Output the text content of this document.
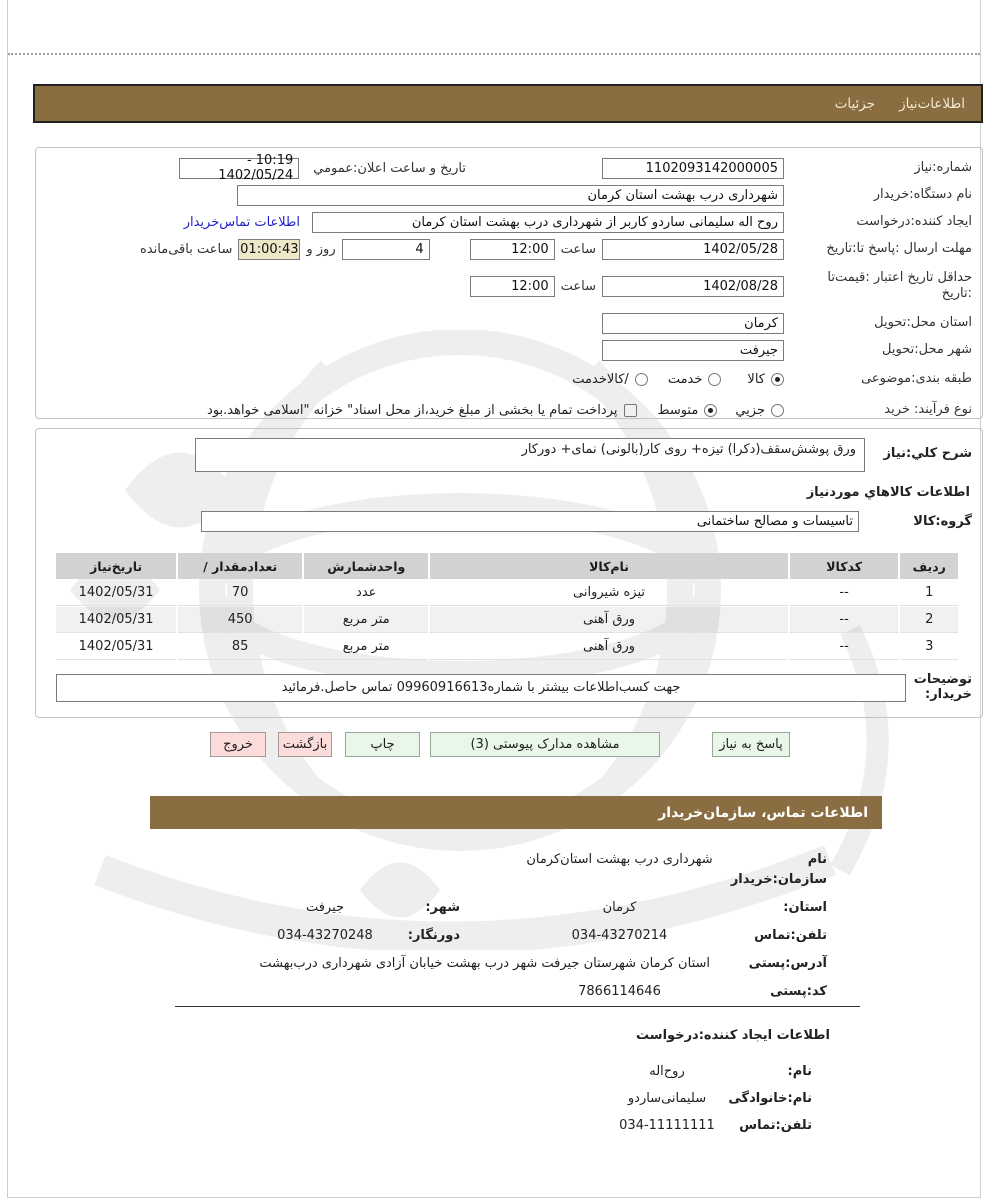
اطلاعات‌نیاز
جزئیات
شماره:نیاز
1102093142000005
تاریخ و ساعت اعلان:عمومي
10:19 - 1402/05/24
نام دستگاه:خریدار
شهرداری درب بهشت استان کرمان
ایجاد کننده:درخواست
روح اله سلیمانی ساردو کاربر از شهرداری درب بهشت استان کرمان
اطلاعات تماس‌خریدار
مهلت ارسال :پاسخ تا:تاریخ
1402/05/28
ساعت
12:00
4
روز و
01:00:43
ساعت باقی‌مانده
حداقل تاریخ اعتبار :قیمت‌تا
:تاریخ
1402/08/28
ساعت
12:00
استان محل:تحویل
کرمان
شهر محل:تحویل
جیرفت
طبقه بندی:موضوعی
کالا
خدمت
/کالاخدمت
نوع فرآیند: خرید
جزيي
متوسط
پرداخت تمام یا بخشی از مبلغ خرید،از محل اسناد" خزانه "اسلامی خواهد.بود
شرح کلي:نیاز
ورق پوشش‌سقف(دکرا) تیزه+ روی کار(بالونی) نمای+ دورکار
اطلاعات کالاهاي موردنیاز
گروه:کالا
تاسیسات و مصالح ساختمانی
ردیف	کدکالا	نام‌کالا	واحدشمارش	تعدادمقدار /	تاریخ‌نیاز
1	--	تیزه شیروانی	عدد	70	1402/05/31
2	--	ورق آهنی	متر مربع	450	1402/05/31
3	--	ورق آهنی	متر مربع	85	1402/05/31
توضیحات
خریدار:
جهت کسب‌اطلاعات بیشتر با شماره09960916613 تماس حاصل.فرمائید
پاسخ به نیاز
مشاهده مدارک پیوستی (3)
چاپ
بازگشت
خروج
اطلاعات تماس، سازمان‌خریدار
نام سازمان:خریدار
شهرداری درب بهشت استان‌کرمان
استان:
کرمان
شهر:
جیرفت
تلفن:تماس
034-43270214
دورنگار:
034-43270248
آدرس:پستی
استان کرمان شهرستان جیرفت شهر درب بهشت خیابان آزادی شهرداری درب‌بهشت
کد:پستی
7866114646
اطلاعات ایجاد کننده:درخواست
نام:
روح‌اله
نام:خانوادگی
سلیمانی‌ساردو
تلفن:تماس
034-11111111
